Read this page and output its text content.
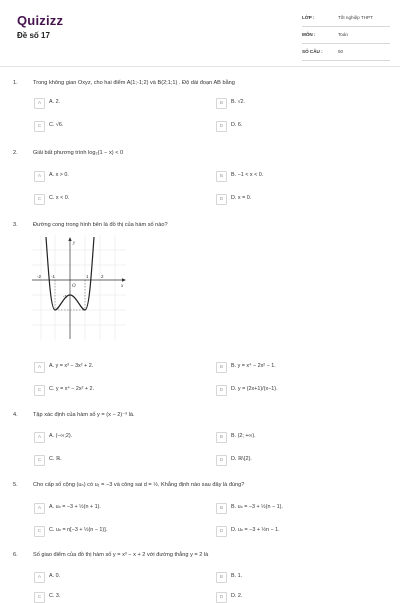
Quizizz
Đề số 17
LỚP :	Tốt nghiệp THPT
MÔN :	Toán
SỐ CÂU :	50
1.	Trong không gian Oxyz, cho hai điểm A(1;-1;2) và B(2;1;1) . Độ dài đoạn AB bằng
A	A. 2.	B	B. √2.
C	C. √6.	D	D. 6.
2.	Giải bất phương trình log₂(1 − x) < 0
A	A. x > 0.	B	B. −1 < x < 0.
C	C. x < 0.	D	D. x = 0.
3.	Đường cong trong hình bên là đồ thị của hàm số nào?
y
x
O
-2 -1	1	2
-1
A	A. y = x³ − 3x² + 2.	B	B. y = x⁴ − 2x² − 1.
C	C. y = x⁴ − 2x² + 2.	D	D. y = (2x+1)/(x−1).
4.	Tập xác định của hàm số y = (x − 2)⁻³ là.
A	A. (−∞;2).	B	B. (2; +∞).
C	C. ℝ.	D	D. ℝ\{2}.
5.	Cho cấp số cộng (uₙ) có u₁ = −3 và công sai d = ½. Khẳng định nào sau đây là đúng?
A	A. uₙ = −3 + ½(n + 1).	B	B. uₙ = −3 + ½(n − 1).
C	C. uₙ = n[−3 + ½(n − 1)].	D	D. uₙ = −3 + ½n − 1.
6.	Số giao điểm của đồ thị hàm số y = x³ − x + 2 với đường thẳng y = 2 là
A	A. 0.	B	B. 1.
C	C. 3.	D	D. 2.
